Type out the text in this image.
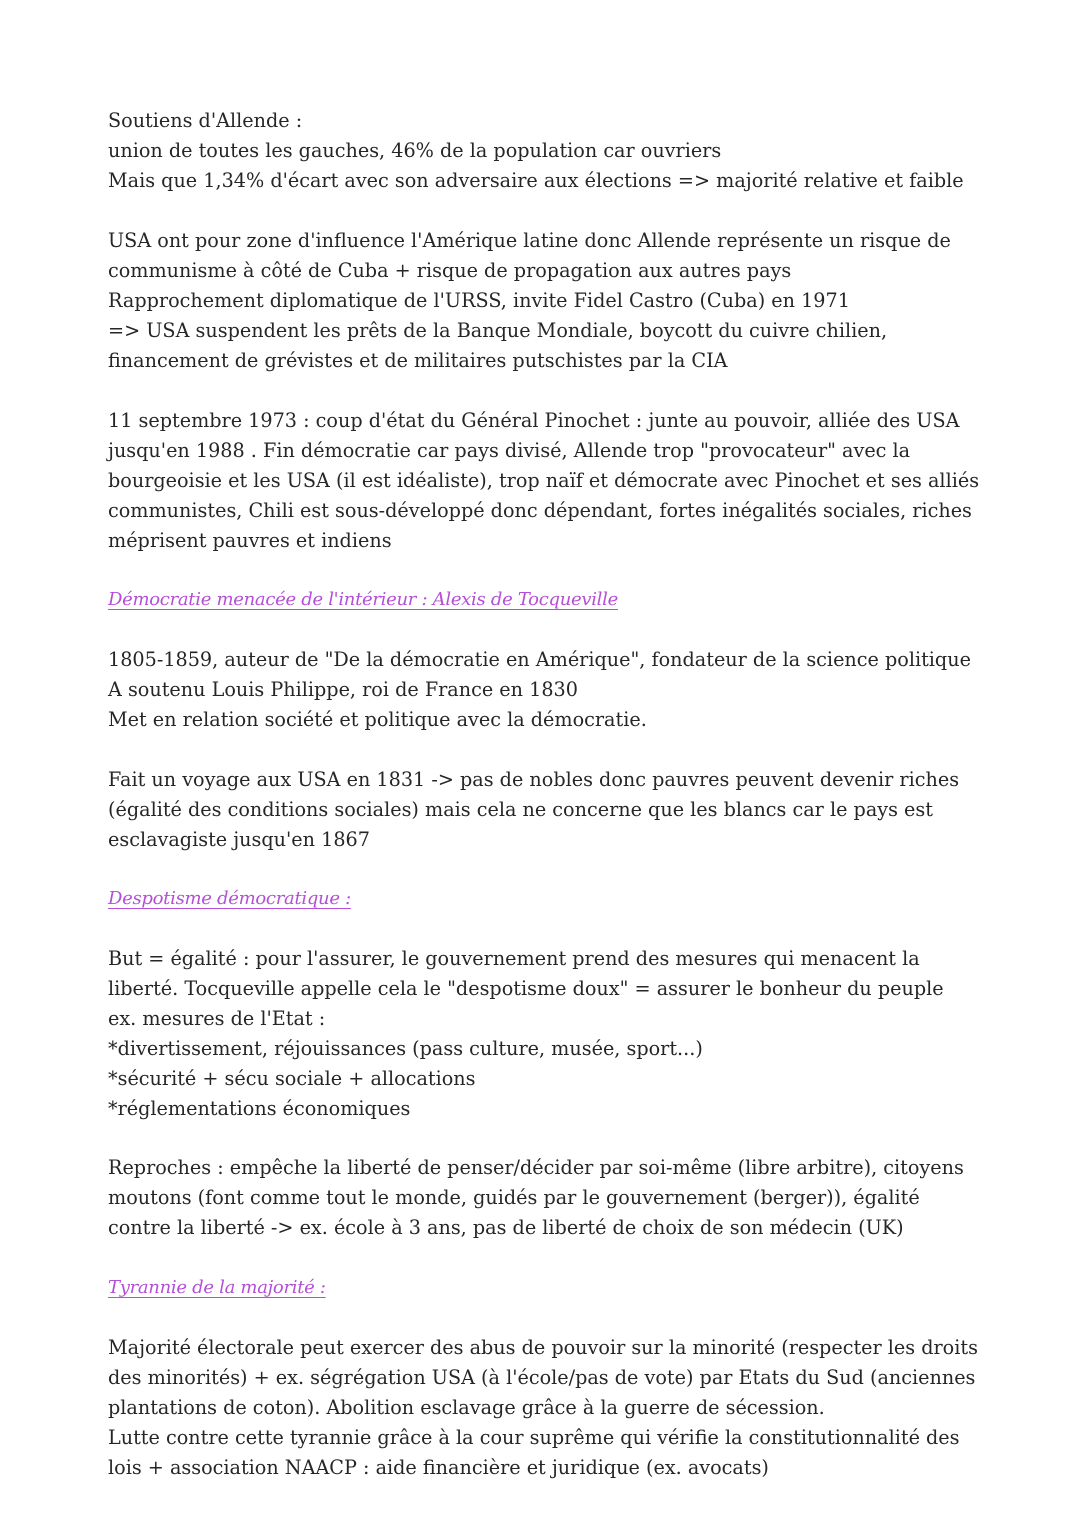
Soutiens d'Allende :
union de toutes les gauches, 46% de la population car ouvriers
Mais que 1,34% d'écart avec son adversaire aux élections => majorité relative et faible
USA ont pour zone d'influence l'Amérique latine donc Allende représente un risque de
communisme à côté de Cuba + risque de propagation aux autres pays
Rapprochement diplomatique de l'URSS, invite Fidel Castro (Cuba) en 1971
=> USA suspendent les prêts de la Banque Mondiale, boycott du cuivre chilien,
financement de grévistes et de militaires putschistes par la CIA
11 septembre 1973 : coup d'état du Général Pinochet : junte au pouvoir, alliée des USA
jusqu'en 1988 . Fin démocratie car pays divisé, Allende trop "provocateur" avec la
bourgeoisie et les USA (il est idéaliste), trop naïf et démocrate avec Pinochet et ses alliés
communistes, Chili est sous-développé donc dépendant, fortes inégalités sociales, riches
méprisent pauvres et indiens
Démocratie menacée de l'intérieur : Alexis de Tocqueville
1805-1859, auteur de "De la démocratie en Amérique", fondateur de la science politique
A soutenu Louis Philippe, roi de France en 1830
Met en relation société et politique avec la démocratie.
Fait un voyage aux USA en 1831 -> pas de nobles donc pauvres peuvent devenir riches
(égalité des conditions sociales) mais cela ne concerne que les blancs car le pays est
esclavagiste jusqu'en 1867
Despotisme démocratique :
But = égalité : pour l'assurer, le gouvernement prend des mesures qui menacent la
liberté. Tocqueville appelle cela le "despotisme doux" = assurer le bonheur du peuple
ex. mesures de l'Etat :
*divertissement, réjouissances (pass culture, musée, sport...)
*sécurité + sécu sociale + allocations
*réglementations économiques
Reproches : empêche la liberté de penser/décider par soi-même (libre arbitre), citoyens
moutons (font comme tout le monde, guidés par le gouvernement (berger)), égalité
contre la liberté -> ex. école à 3 ans, pas de liberté de choix de son médecin (UK)
Tyrannie de la majorité :
Majorité électorale peut exercer des abus de pouvoir sur la minorité (respecter les droits
des minorités) + ex. ségrégation USA (à l'école/pas de vote) par Etats du Sud (anciennes
plantations de coton). Abolition esclavage grâce à la guerre de sécession.
Lutte contre cette tyrannie grâce à la cour suprême qui vérifie la constitutionnalité des
lois + association NAACP : aide financière et juridique (ex. avocats)
